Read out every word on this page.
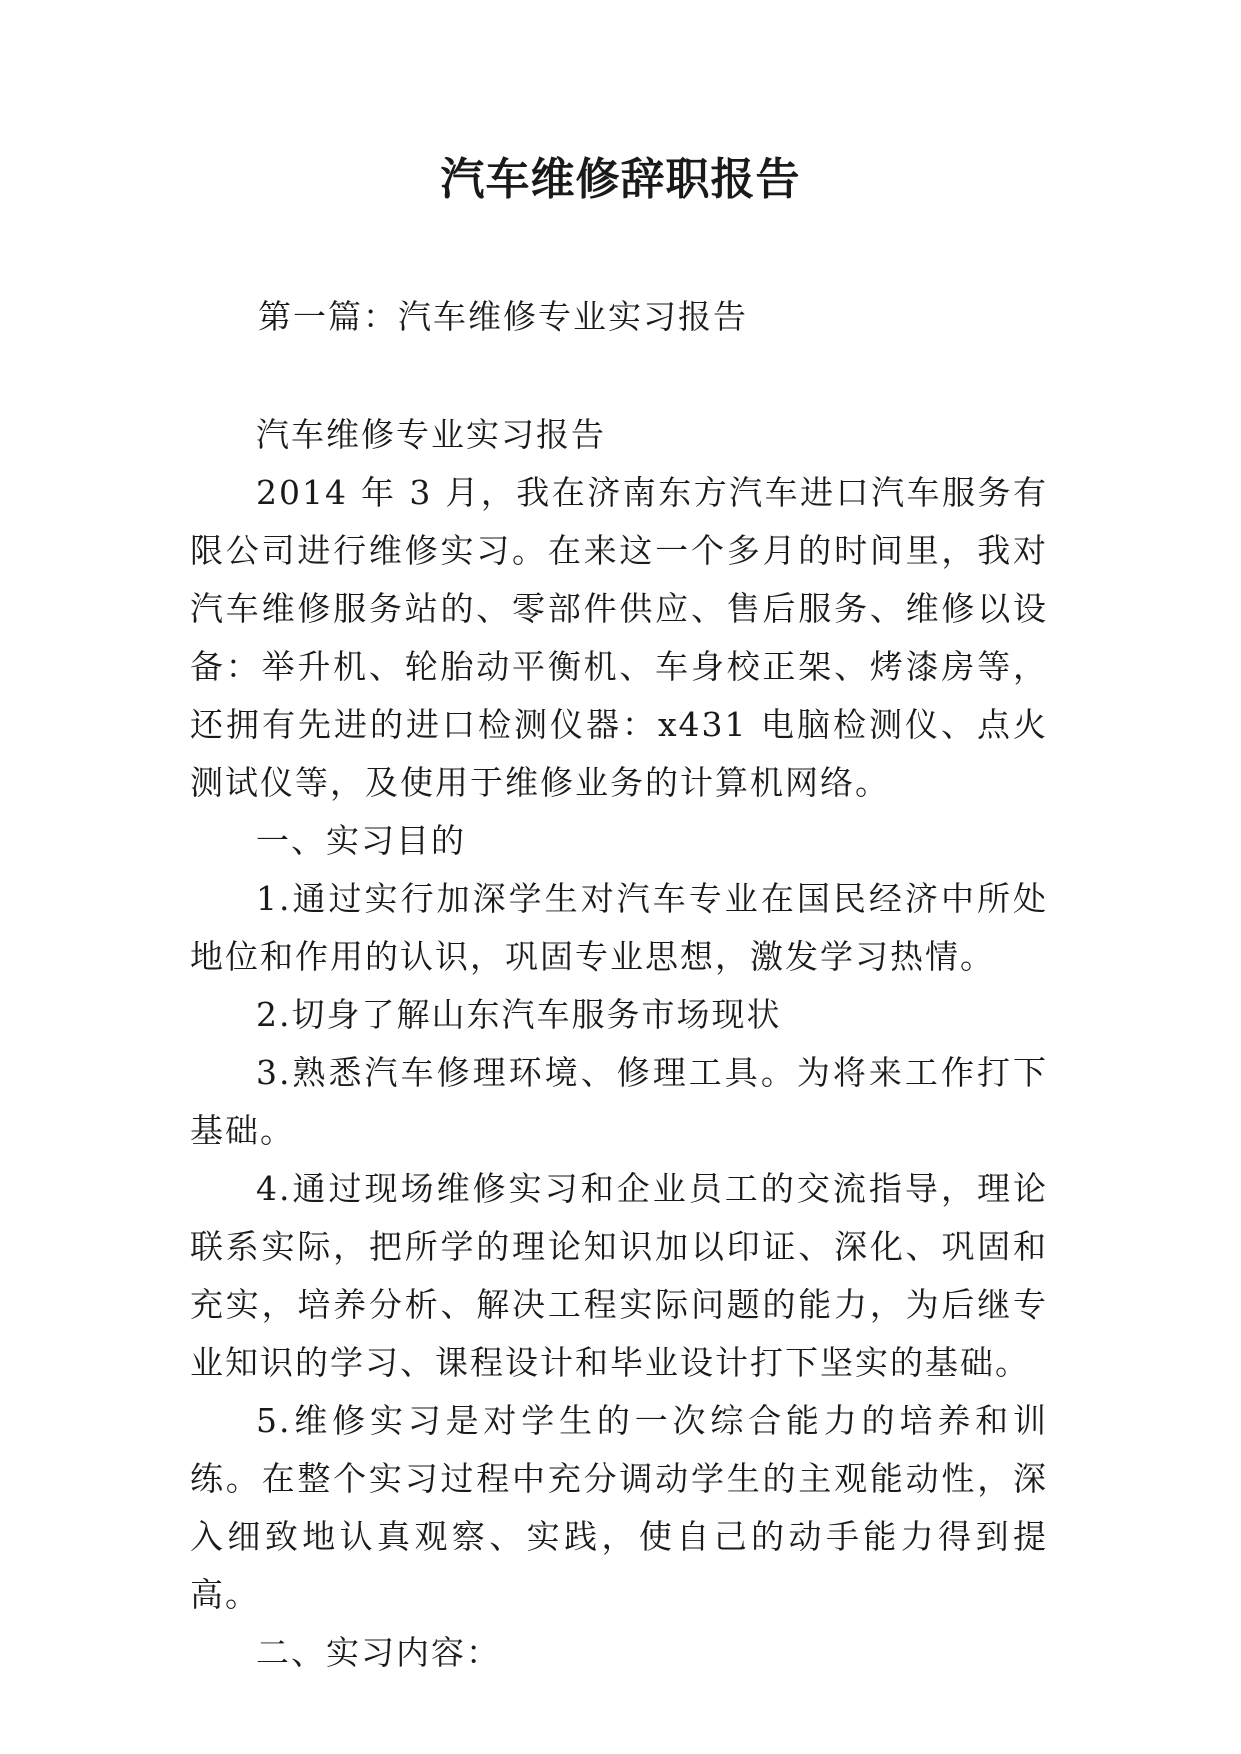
汽车维修辞职报告
第一篇：汽车维修专业实习报告

汽车维修专业实习报告

2014 年 3 月，我在济南东方汽车进口汽车服务有限公司进行维修实习。在来这一个多月的时间里，我对汽车维修服务站的、零部件供应、售后服务、维修以设备：举升机、轮胎动平衡机、车身校正架、烤漆房等，还拥有先进的进口检测仪器：x431 电脑检测仪、点火测试仪等，及使用于维修业务的计算机网络。

一、实习目的

1.通过实行加深学生对汽车专业在国民经济中所处地位和作用的认识，巩固专业思想，激发学习热情。

2.切身了解山东汽车服务市场现状

3.熟悉汽车修理环境、修理工具。为将来工作打下基础。

4.通过现场维修实习和企业员工的交流指导，理论联系实际，把所学的理论知识加以印证、深化、巩固和充实，培养分析、解决工程实际问题的能力，为后继专业知识的学习、课程设计和毕业设计打下坚实的基础。

5.维修实习是对学生的一次综合能力的培养和训练。在整个实习过程中充分调动学生的主观能动性，深入细致地认真观察、实践，使自己的动手能力得到提高。

二、实习内容：
